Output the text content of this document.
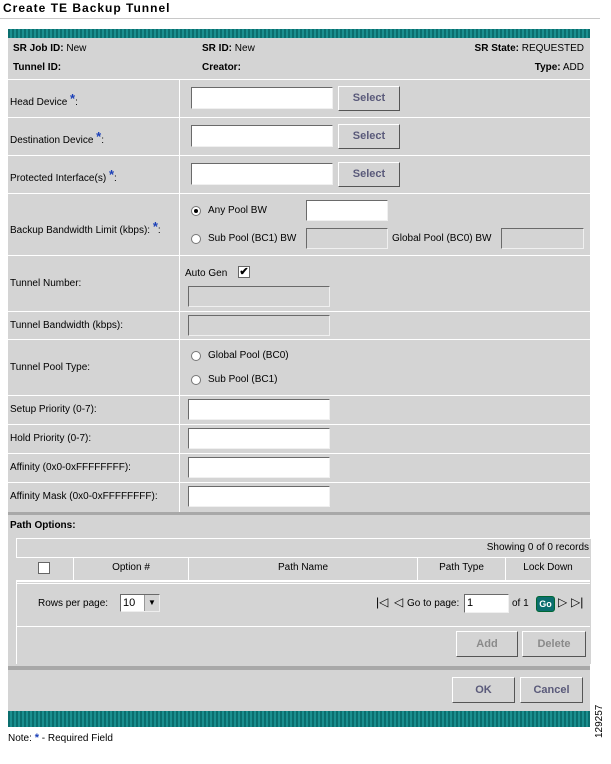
Create TE Backup Tunnel
SR Job ID: New	SR ID: New	SR State: REQUESTED
Tunnel ID:	Creator:	Type: ADD
Head Device *:	Select
Destination Device *:	Select
Protected Interface(s) *:	Select
Backup Bandwidth Limit (kbps): *:
Any Pool BW
Sub Pool (BC1) BW	Global Pool (BC0) BW
Tunnel Number:
Auto Gen ✔
Tunnel Bandwidth (kbps):
Tunnel Pool Type:
Global Pool (BC0)
Sub Pool (BC1)
Setup Priority (0-7):
Hold Priority (0-7):
Affinity (0x0-0xFFFFFFFF):
Affinity Mask (0x0-0xFFFFFFFF):
Path Options:
Showing 0 of 0 records
Option #	Path Name	Path Type	Lock Down
Rows per page: 10	▼	|◁ ◁ Go to page: 1	of 1	Go ▷ ▷|
Add	Delete
OK	Cancel
Note: * - Required Field
129257
